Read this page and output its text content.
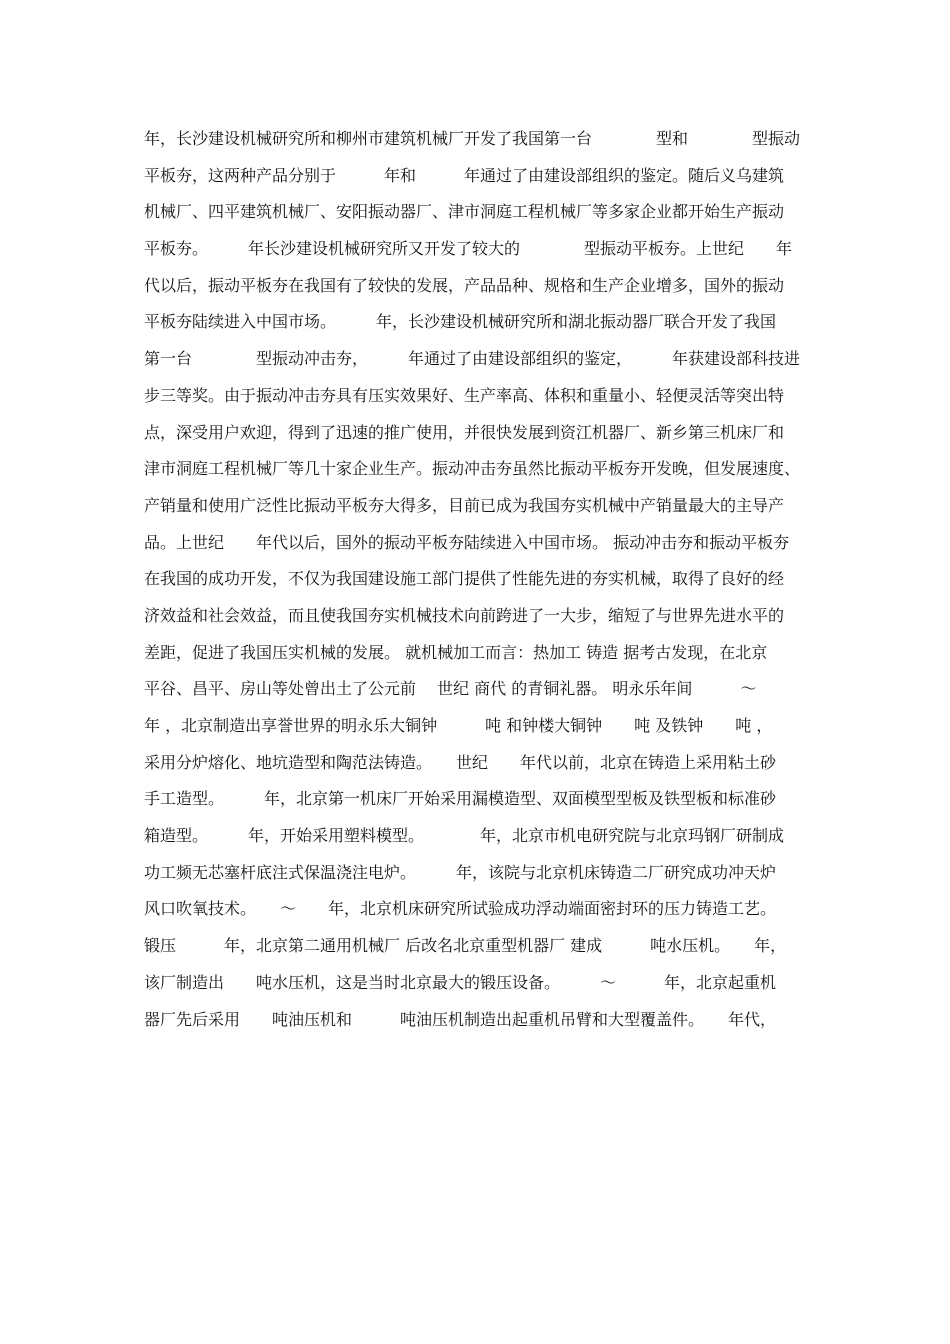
年，长沙建设机械研究所和柳州市建筑机械厂开发了我国第一台　　　　型和　　　　型振动
平板夯，这两种产品分别于　　　年和　　　年通过了由建设部组织的鉴定。随后义乌建筑
机械厂、四平建筑机械厂、安阳振动器厂、津市洞庭工程机械厂等多家企业都开始生产振动
平板夯。　　　年长沙建设机械研究所又开发了较大的　　　　型振动平板夯。上世纪　　年
代以后，振动平板夯在我国有了较快的发展，产品品种、规格和生产企业增多，国外的振动
平板夯陆续进入中国市场。　　　年，长沙建设机械研究所和湖北振动器厂联合开发了我国
第一台　　　　型振动冲击夯，　　　年通过了由建设部组织的鉴定，　　　年获建设部科技进
步三等奖。由于振动冲击夯具有压实效果好、生产率高、体积和重量小、轻便灵活等突出特
点，深受用户欢迎，得到了迅速的推广使用，并很快发展到资江机器厂、新乡第三机床厂和
津市洞庭工程机械厂等几十家企业生产。振动冲击夯虽然比振动平板夯开发晚，但发展速度、
产销量和使用广泛性比振动平板夯大得多，目前已成为我国夯实机械中产销量最大的主导产
品。上世纪　　年代以后，国外的振动平板夯陆续进入中国市场。 振动冲击夯和振动平板夯
在我国的成功开发，不仅为我国建设施工部门提供了性能先进的夯实机械，取得了良好的经
济效益和社会效益，而且使我国夯实机械技术向前跨进了一大步，缩短了与世界先进水平的
差距，促进了我国压实机械的发展。 就机械加工而言：热加工 铸造 据考古发现，在北京
平谷、昌平、房山等处曾出土了公元前　 世纪 商代 的青铜礼器。 明永乐年间　　　～
年 ，北京制造出享誉世界的明永乐大铜钟　　　吨 和钟楼大铜钟　　吨 及铁钟　　吨 ，
采用分炉熔化、地坑造型和陶范法铸造。　　世纪　　年代以前，北京在铸造上采用粘土砂
手工造型。　　　年，北京第一机床厂开始采用漏模造型、双面模型型板及铁型板和标准砂
箱造型。　　　年，开始采用塑料模型。　　　　年，北京市机电研究院与北京玛钢厂研制成
功工频无芯塞杆底注式保温浇注电炉。　　　年，该院与北京机床铸造二厂研究成功冲天炉
风口吹氧技术。　　～　　年，北京机床研究所试验成功浮动端面密封环的压力铸造工艺。
锻压　　　年，北京第二通用机械厂 后改名北京重型机器厂 建成　　　吨水压机。　　年，
该厂制造出　　吨水压机，这是当时北京最大的锻压设备。　　　～　　　年，北京起重机
器厂先后采用　　吨油压机和　　　吨油压机制造出起重机吊臂和大型覆盖件。　　年代，
